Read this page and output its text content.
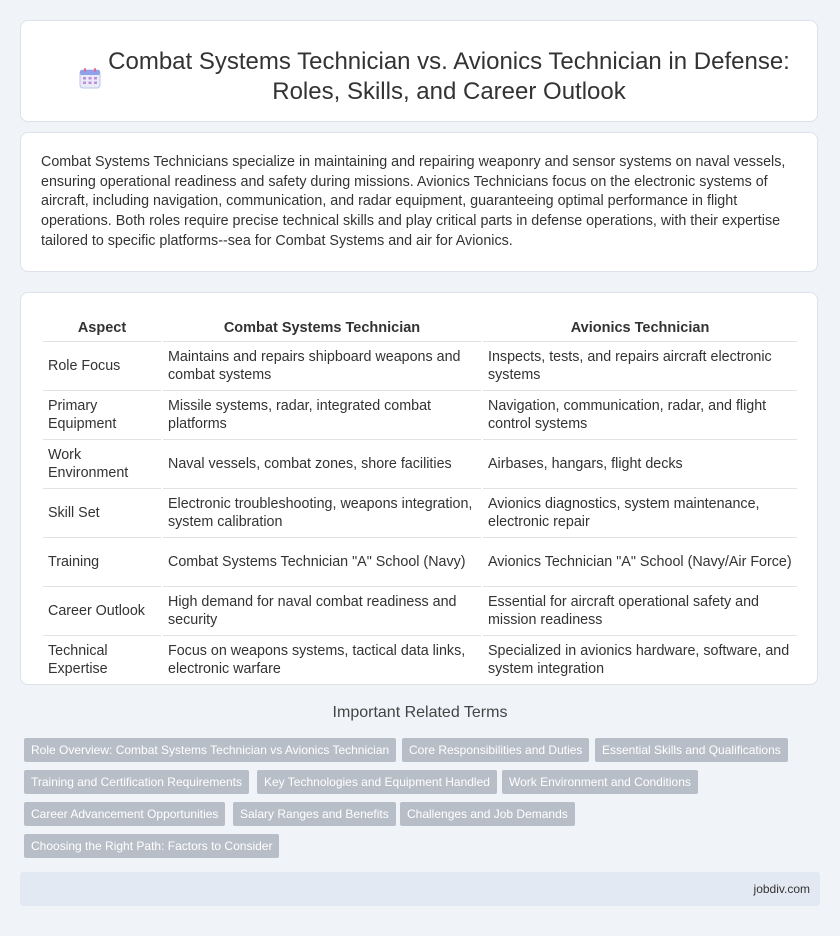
Combat Systems Technician vs. Avionics Technician in Defense:
Roles, Skills, and Career Outlook

Combat Systems Technicians specialize in maintaining and repairing weaponry and sensor systems on naval vessels, ensuring operational readiness and safety during missions. Avionics Technicians focus on the electronic systems of aircraft, including navigation, communication, and radar equipment, guaranteeing optimal performance in flight operations. Both roles require precise technical skills and play critical parts in defense operations, with their expertise tailored to specific platforms--sea for Combat Systems and air for Avionics.

Aspect	Combat Systems Technician	Avionics Technician
Role Focus	Maintains and repairs shipboard weapons and combat systems	Inspects, tests, and repairs aircraft electronic systems
Primary Equipment	Missile systems, radar, integrated combat platforms	Navigation, communication, radar, and flight control systems
Work Environment	Naval vessels, combat zones, shore facilities	Airbases, hangars, flight decks
Skill Set	Electronic troubleshooting, weapons integration, system calibration	Avionics diagnostics, system maintenance, electronic repair
Training	Combat Systems Technician "A" School (Navy)	Avionics Technician "A" School (Navy/Air Force)
Career Outlook	High demand for naval combat readiness and security	Essential for aircraft operational safety and mission readiness
Technical Expertise	Focus on weapons systems, tactical data links, electronic warfare	Specialized in avionics hardware, software, and system integration
Important Related Terms
Role Overview: Combat Systems Technician vs Avionics Technician	Core Responsibilities and Duties	Essential Skills and Qualifications
Training and Certification Requirements	Key Technologies and Equipment Handled	Work Environment and Conditions
Career Advancement Opportunities	Salary Ranges and Benefits	Challenges and Job Demands
Choosing the Right Path: Factors to Consider
jobdiv.com
